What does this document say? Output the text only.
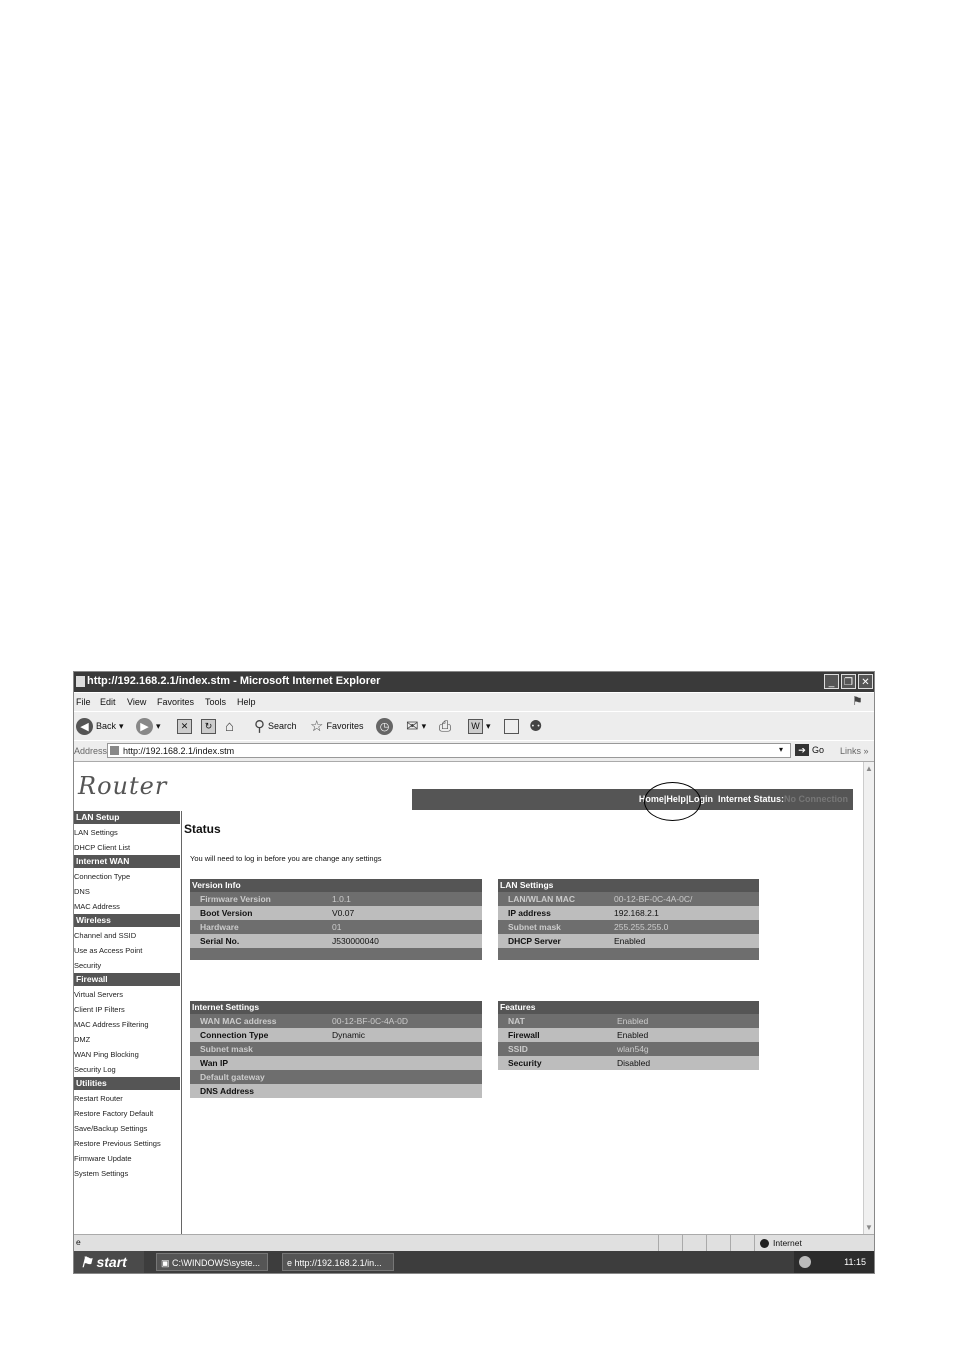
http://192.168.2.1/index.stm - Microsoft Internet Explorer	_ ❐ ✕
File Edit View Favorites Tools Help	⚑
◀ Back ▾	▶ ▾	✕	↻ ⌂ ⚲ Search ☆ Favorites	◷ ✉ ▾ ⎙	W ▾	⚉
Address http://192.168.2.1/index.stm	▾	➔ Go Links »
Router	Home|Help|Login Internet Status:No Connection
LAN Setup
LAN Settings
DHCP Client List
Internet WAN
Connection Type
DNS
MAC Address
Wireless
Channel and SSID
Use as Access Point
Security
Firewall
Virtual Servers
Client IP Filters
MAC Address Filtering
DMZ
WAN Ping Blocking
Security Log
Utilities
Restart Router
Restore Factory Default
Save/Backup Settings
Restore Previous Settings
Firmware Update
System Settings
Status
You will need to log in before you are change any settings
Version Info
Firmware Version	1.0.1
Boot Version	V0.07
Hardware	01
Serial No.	J530000040
LAN Settings
LAN/WLAN MAC	00-12-BF-0C-4A-0C/
IP address	192.168.2.1
Subnet mask	255.255.255.0
DHCP Server	Enabled
Internet Settings
WAN MAC address	00-12-BF-0C-4A-0D
Connection Type	Dynamic
Subnet mask
Wan IP
Default gateway
DNS Address
Features
NAT	Enabled
Firewall	Enabled
SSID	wlan54g
Security	Disabled
▲
▼
e	Internet
⚑ start	▣ C:\WINDOWS\syste...	e http://192.168.2.1/in...	11:15
